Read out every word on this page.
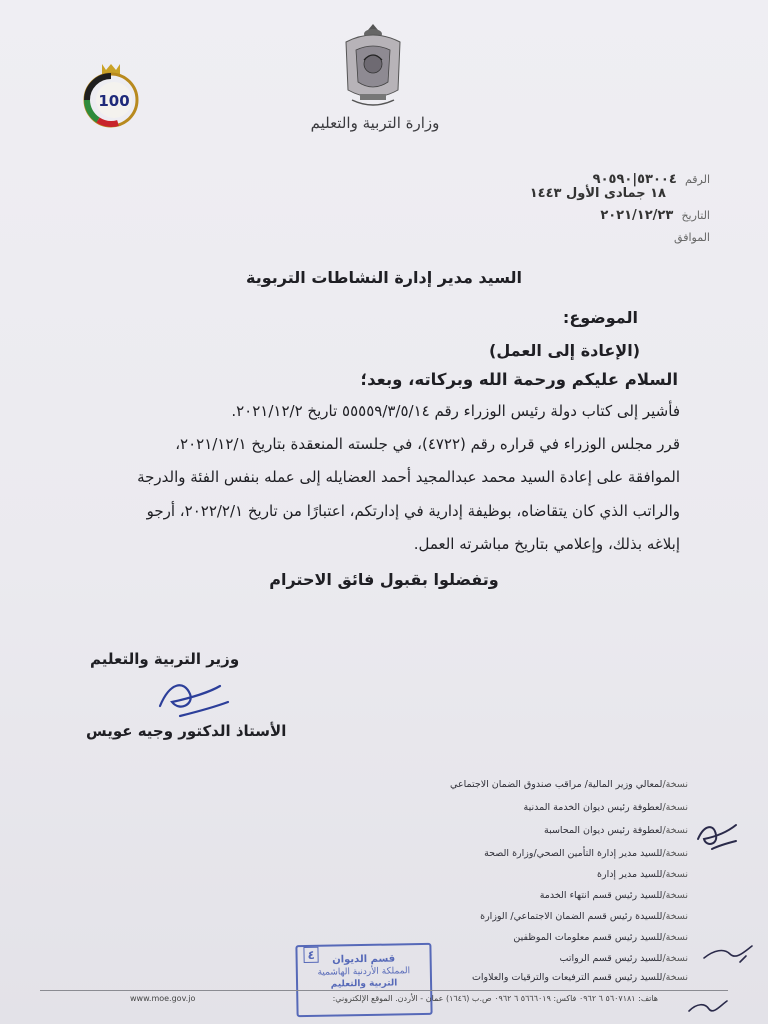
وزارة التربية والتعليم
100
الرقم ٥٣٠٠٤|٩٠٥٩٠
١٨ جمادى الأول ١٤٤٣
التاريخ ٢٠٢١/١٢/٢٣
الموافق
السيد مدير إدارة النشاطات التربوية
الموضوع:
(الإعادة إلى العمل)
السلام عليكم ورحمة الله وبركاته، وبعد؛
فأشير إلى كتاب دولة رئيس الوزراء رقم ٥٥٥٥٩/٣/٥/١٤ تاريخ ٢٠٢١/١٢/٢.
قرر مجلس الوزراء في قراره رقم (٤٧٢٢)، في جلسته المنعقدة بتاريخ ٢٠٢١/١٢/١،
الموافقة على إعادة السيد محمد عبدالمجيد أحمد العضايله إلى عمله بنفس الفئة والدرجة
والراتب الذي كان يتقاضاه، بوظيفة إدارية في إدارتكم، اعتبارًا من تاريخ ٢٠٢٢/٢/١، أرجو
إبلاغه بذلك، وإعلامي بتاريخ مباشرته العمل.
وتفضلوا بقبول فائق الاحترام
وزير التربية والتعليم
الأستاذ الدكتور وجيه عويس
نسخة/لمعالي وزير المالية/ مراقب صندوق الضمان الاجتماعي
نسخة/لعطوفة رئيس ديوان الخدمة المدنية
نسخة/لعطوفة رئيس ديوان المحاسبة
نسخة/للسيد مدير إدارة التأمين الصحي/وزارة الصحة
نسخة/للسيد مدير إدارة
نسخة/للسيد رئيس قسم انتهاء الخدمة
نسخة/للسيدة رئيس قسم الضمان الاجتماعي/ الوزارة
نسخة/للسيد رئيس قسم معلومات الموظفين
نسخة/للسيد رئيس قسم الرواتب
نسخة/للسيد رئيس قسم الترفيعات والترقيات والعلاوات
٤	قسم الديوان
المملكة الأردنية الهاشمية
التربية والتعليم
www.moe.gov.jo	هاتف: ٥٦٠٧١٨١ ٦ ٠٩٦٢ فاكس: ٥٦٦٦٠١٩ ٦ ٠٩٦٢ ص.ب (١٦٤٦) عمان - الأردن. الموقع الإلكتروني:
